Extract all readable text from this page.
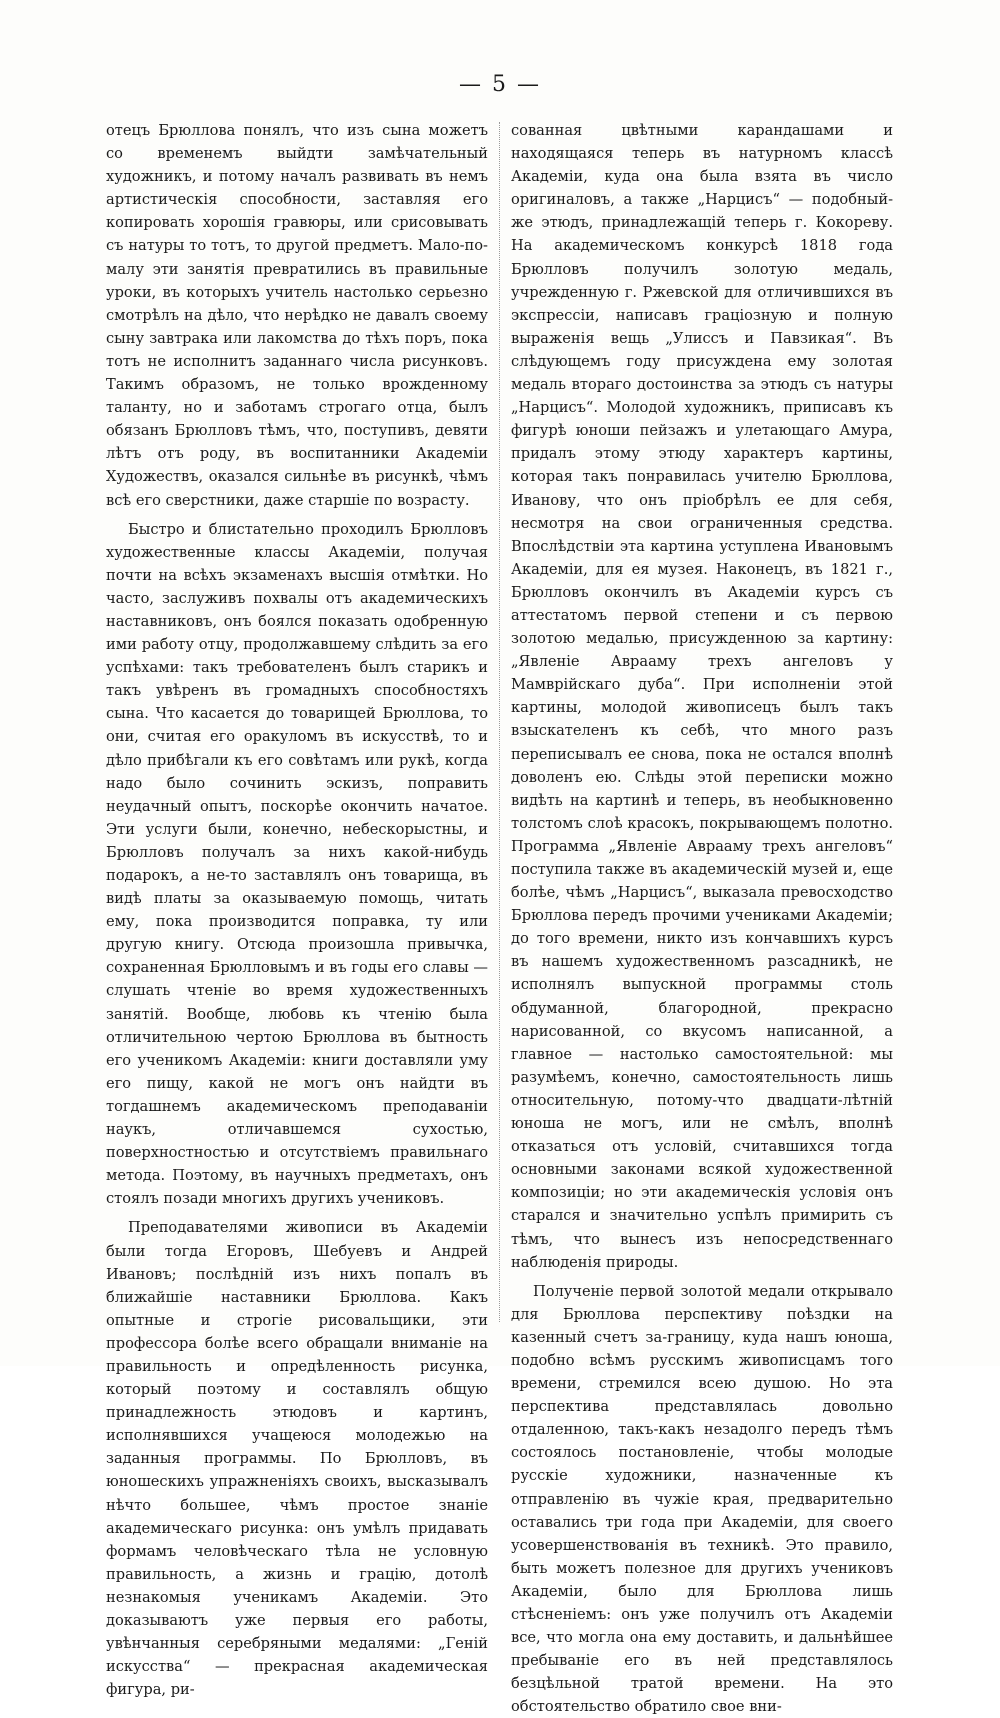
— 5 —

отецъ Брюллова понялъ, что изъ сына можетъ со временемъ выйдти замѣчательный художникъ, и потому началъ развивать въ немъ артистическія способности, заставляя его копировать хорошія гравюры, или срисовывать съ натуры то тотъ, то другой предметъ. Мало-по-малу эти занятія превратились въ правильные уроки, въ которыхъ учитель настолько серьезно смотрѣлъ на дѣло, что нерѣдко не давалъ своему сыну завтрака или лакомства до тѣхъ поръ, пока тотъ не исполнитъ заданнаго числа рисунковъ. Такимъ образомъ, не только врожденному таланту, но и заботамъ строгаго отца, былъ обязанъ Брюлловъ тѣмъ, что, поступивъ, девяти лѣтъ отъ роду, въ воспитанники Академіи Художествъ, оказался сильнѣе въ рисункѣ, чѣмъ всѣ его сверстники, даже старшіе по возрасту.

Быстро и блистательно проходилъ Брюлловъ художественные классы Академіи, получая почти на всѣхъ экзаменахъ высшія отмѣтки. Но часто, заслуживъ похвалы отъ академическихъ наставниковъ, онъ боялся показать одобренную ими работу отцу, продолжавшему слѣдить за его успѣхами: такъ требователенъ былъ старикъ и такъ увѣренъ въ громадныхъ способностяхъ сына. Что касается до товарищей Брюллова, то они, считая его оракуломъ въ искусствѣ, то и дѣло прибѣгали къ его совѣтамъ или рукѣ, когда надо было сочинить эскизъ, поправить неудачный опытъ, поскорѣе окончить начатое. Эти услуги были, конечно, небескорыстны, и Брюлловъ получалъ за нихъ какой-нибудь подарокъ, а не-то заставлялъ онъ товарища, въ видѣ платы за оказываемую помощь, читать ему, пока производится поправка, ту или другую книгу. Отсюда произошла привычка, сохраненная Брюлловымъ и въ годы его славы — слушать чтеніе во время художественныхъ занятій. Вообще, любовь къ чтенію была отличительною чертою Брюллова въ бытность его ученикомъ Академіи: книги доставляли уму его пищу, какой не могъ онъ найдти въ тогдашнемъ академическомъ преподаваніи наукъ, отличавшемся сухостью, поверхностностью и отсутствіемъ правильнаго метода. Поэтому, въ научныхъ предметахъ, онъ стоялъ позади многихъ другихъ учениковъ.

Преподавателями живописи въ Академіи были тогда Егоровъ, Шебуевъ и Андрей Ивановъ; послѣдній изъ нихъ попалъ въ ближайшіе наставники Брюллова. Какъ опытные и строгіе рисовальщики, эти профессора болѣе всего обращали вниманіе на правильность и опредѣленность рисунка, который поэтому и составлялъ общую принадлежность этюдовъ и картинъ, исполнявшихся учащеюся молодежью на заданныя программы. По Брюлловъ, въ юношескихъ упражненіяхъ своихъ, высказывалъ нѣчто большее, чѣмъ простое знаніе академическаго рисунка: онъ умѣлъ придавать формамъ человѣческаго тѣла не условную правильность, а жизнь и грацію, дотолѣ незнакомыя ученикамъ Академіи. Это доказываютъ уже первыя его работы, увѣнчанныя серебряными медалями: „Геній искусства“ — прекрасная академическая фигура, ри-

сованная цвѣтными карандашами и находящаяся теперь въ натурномъ классѣ Академіи, куда она была взята въ число оригиналовъ, а также „Нарцисъ“ — подобный-же этюдъ, принадлежащій теперь г. Кокореву. На академическомъ конкурсѣ 1818 года Брюлловъ получилъ золотую медаль, учрежденную г. Ржевской для отличившихся въ экспрессіи, написавъ граціозную и полную выраженія вещь „Улиссъ и Павзикая“. Въ слѣдующемъ году присуждена ему золотая медаль втораго достоинства за этюдъ съ натуры „Нарцисъ“. Молодой художникъ, приписавъ къ фигурѣ юноши пейзажъ и улетающаго Амура, придалъ этому этюду характеръ картины, которая такъ понравилась учителю Брюллова, Иванову, что онъ пріобрѣлъ ее для себя, несмотря на свои ограниченныя средства. Впослѣдствіи эта картина уступлена Ивановымъ Академіи, для ея музея. Наконецъ, въ 1821 г., Брюлловъ окончилъ въ Академіи курсъ съ аттестатомъ первой степени и съ первою золотою медалью, присужденною за картину: „Явленіе Аврааму трехъ ангеловъ у Мамврійскаго дуба“. При исполненіи этой картины, молодой живописецъ былъ такъ взыскателенъ къ себѣ, что много разъ переписывалъ ее снова, пока не остался вполнѣ доволенъ ею. Слѣды этой переписки можно видѣть на картинѣ и теперь, въ необыкновенно толстомъ слоѣ красокъ, покрывающемъ полотно. Программа „Явленіе Аврааму трехъ ангеловъ“ поступила также въ академическій музей и, еще болѣе, чѣмъ „Нарцисъ“, выказала превосходство Брюллова передъ прочими учениками Академіи; до того времени, никто изъ кончавшихъ курсъ въ нашемъ художественномъ разсадникѣ, не исполнялъ выпускной программы столь обдуманной, благородной, прекрасно нарисованной, со вкусомъ написанной, а главное — настолько самостоятельной: мы разумѣемъ, конечно, самостоятельность лишь относительную, потому-что двадцати-лѣтній юноша не могъ, или не смѣлъ, вполнѣ отказаться отъ условій, считавшихся тогда основными законами всякой художественной композиціи; но эти академическія условія онъ старался и значительно успѣлъ примирить съ тѣмъ, что вынесъ изъ непосредственнаго наблюденія природы.

Полученіе первой золотой медали открывало для Брюллова перспективу поѣздки на казенный счетъ за-границу, куда нашъ юноша, подобно всѣмъ русскимъ живописцамъ того времени, стремился всею душою. Но эта перспектива представлялась довольно отдаленною, такъ-какъ незадолго передъ тѣмъ состоялось постановленіе, чтобы молодые русскіе художники, назначенные къ отправленію въ чужіе края, предварительно оставались три года при Академіи, для своего усовершенствованія въ техникѣ. Это правило, быть можетъ полезное для другихъ учениковъ Академіи, было для Брюллова лишь стѣсненіемъ: онъ уже получилъ отъ Академіи все, что могла она ему доставить, и дальнѣйшее пребываніе его въ ней представлялось безцѣльной тратой времени. На это обстоятельство обратило свое вни-
